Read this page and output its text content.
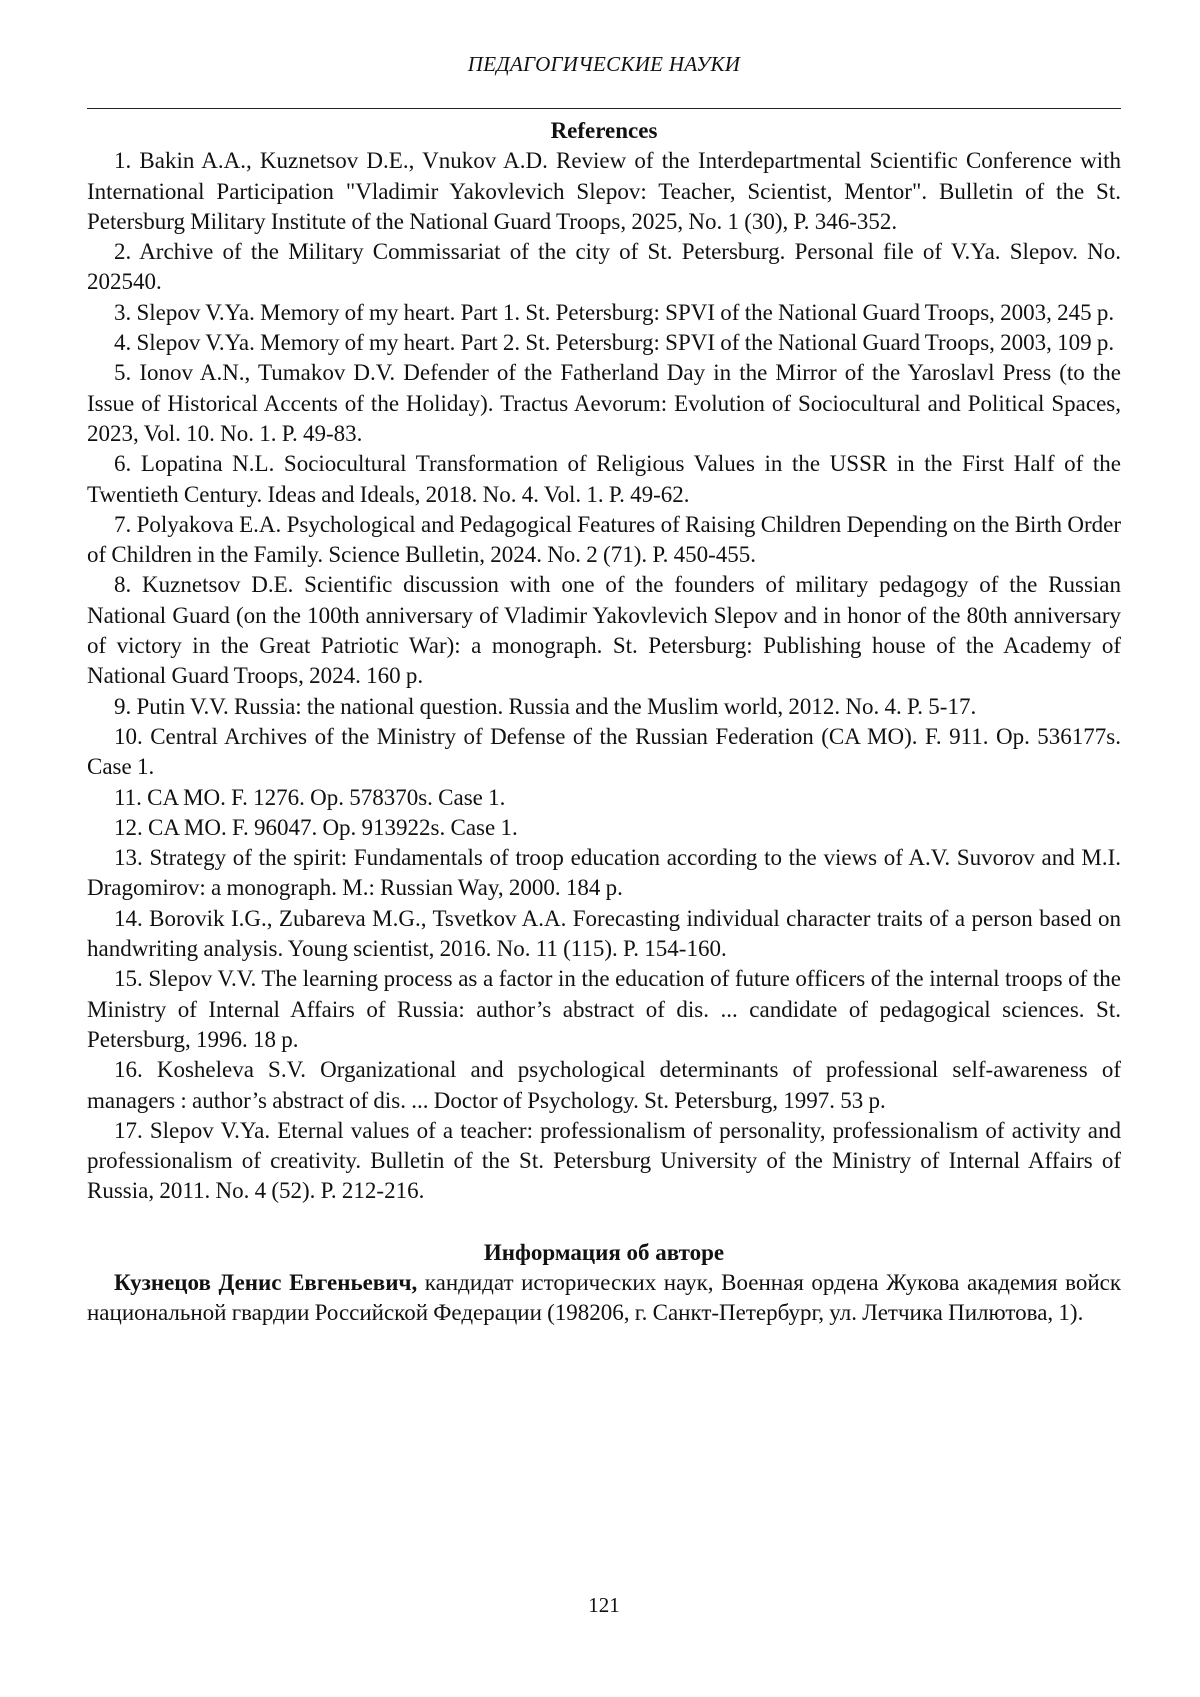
ПЕДАГОГИЧЕСКИЕ НАУКИ

References

1. Bakin A.A., Kuznetsov D.E., Vnukov A.D. Review of the Interdepartmental Scientific Conference with International Participation "Vladimir Yakovlevich Slepov: Teacher, Scientist, Mentor". Bulletin of the St. Petersburg Military Institute of the National Guard Troops, 2025, No. 1 (30), P. 346-352.

2. Archive of the Military Commissariat of the city of St. Petersburg. Personal file of V.Ya. Slepov. No. 202540.

3. Slepov V.Ya. Memory of my heart. Part 1. St. Petersburg: SPVI of the National Guard Troops, 2003, 245 p.

4. Slepov V.Ya. Memory of my heart. Part 2. St. Petersburg: SPVI of the National Guard Troops, 2003, 109 p.

5. Ionov A.N., Tumakov D.V. Defender of the Fatherland Day in the Mirror of the Yaroslavl Press (to the Issue of Historical Accents of the Holiday). Tractus Aevorum: Evolution of Sociocultural and Political Spaces, 2023, Vol. 10. No. 1. P. 49-83.

6. Lopatina N.L. Sociocultural Transformation of Religious Values in the USSR in the First Half of the Twentieth Century. Ideas and Ideals, 2018. No. 4. Vol. 1. P. 49-62.

7. Polyakova E.A. Psychological and Pedagogical Features of Raising Children Depending on the Birth Order of Children in the Family. Science Bulletin, 2024. No. 2 (71). P. 450-455.

8. Kuznetsov D.E. Scientific discussion with one of the founders of military pedagogy of the Russian National Guard (on the 100th anniversary of Vladimir Yakovlevich Slepov and in honor of the 80th anniversary of victory in the Great Patriotic War): a monograph. St. Petersburg: Publishing house of the Academy of National Guard Troops, 2024. 160 p.

9. Putin V.V. Russia: the national question. Russia and the Muslim world, 2012. No. 4. P. 5-17.

10. Central Archives of the Ministry of Defense of the Russian Federation (CA MO). F. 911. Op. 536177s. Case 1.

11. CA MO. F. 1276. Op. 578370s. Case 1.

12. CA MO. F. 96047. Op. 913922s. Case 1.

13. Strategy of the spirit: Fundamentals of troop education according to the views of A.V. Suvorov and M.I. Dragomirov: a monograph. M.: Russian Way, 2000. 184 p.

14. Borovik I.G., Zubareva M.G., Tsvetkov A.A. Forecasting individual character traits of a person based on handwriting analysis. Young scientist, 2016. No. 11 (115). P. 154-160.

15. Slepov V.V. The learning process as a factor in the education of future officers of the internal troops of the Ministry of Internal Affairs of Russia: author’s abstract of dis. ... candidate of pedagogical sciences. St. Petersburg, 1996. 18 p.

16. Kosheleva S.V. Organizational and psychological determinants of professional self-awareness of managers : author’s abstract of dis. ... Doctor of Psychology. St. Petersburg, 1997. 53 p.

17. Slepov V.Ya. Eternal values of a teacher: professionalism of personality, professionalism of activity and professionalism of creativity. Bulletin of the St. Petersburg University of the Ministry of Internal Affairs of Russia, 2011. No. 4 (52). P. 212-216.

Информация об авторе

Кузнецов Денис Евгеньевич, кандидат исторических наук, Военная ордена Жукова академия войск национальной гвардии Российской Федерации (198206, г. Санкт-Петербург, ул. Летчика Пилютова, 1).

121
